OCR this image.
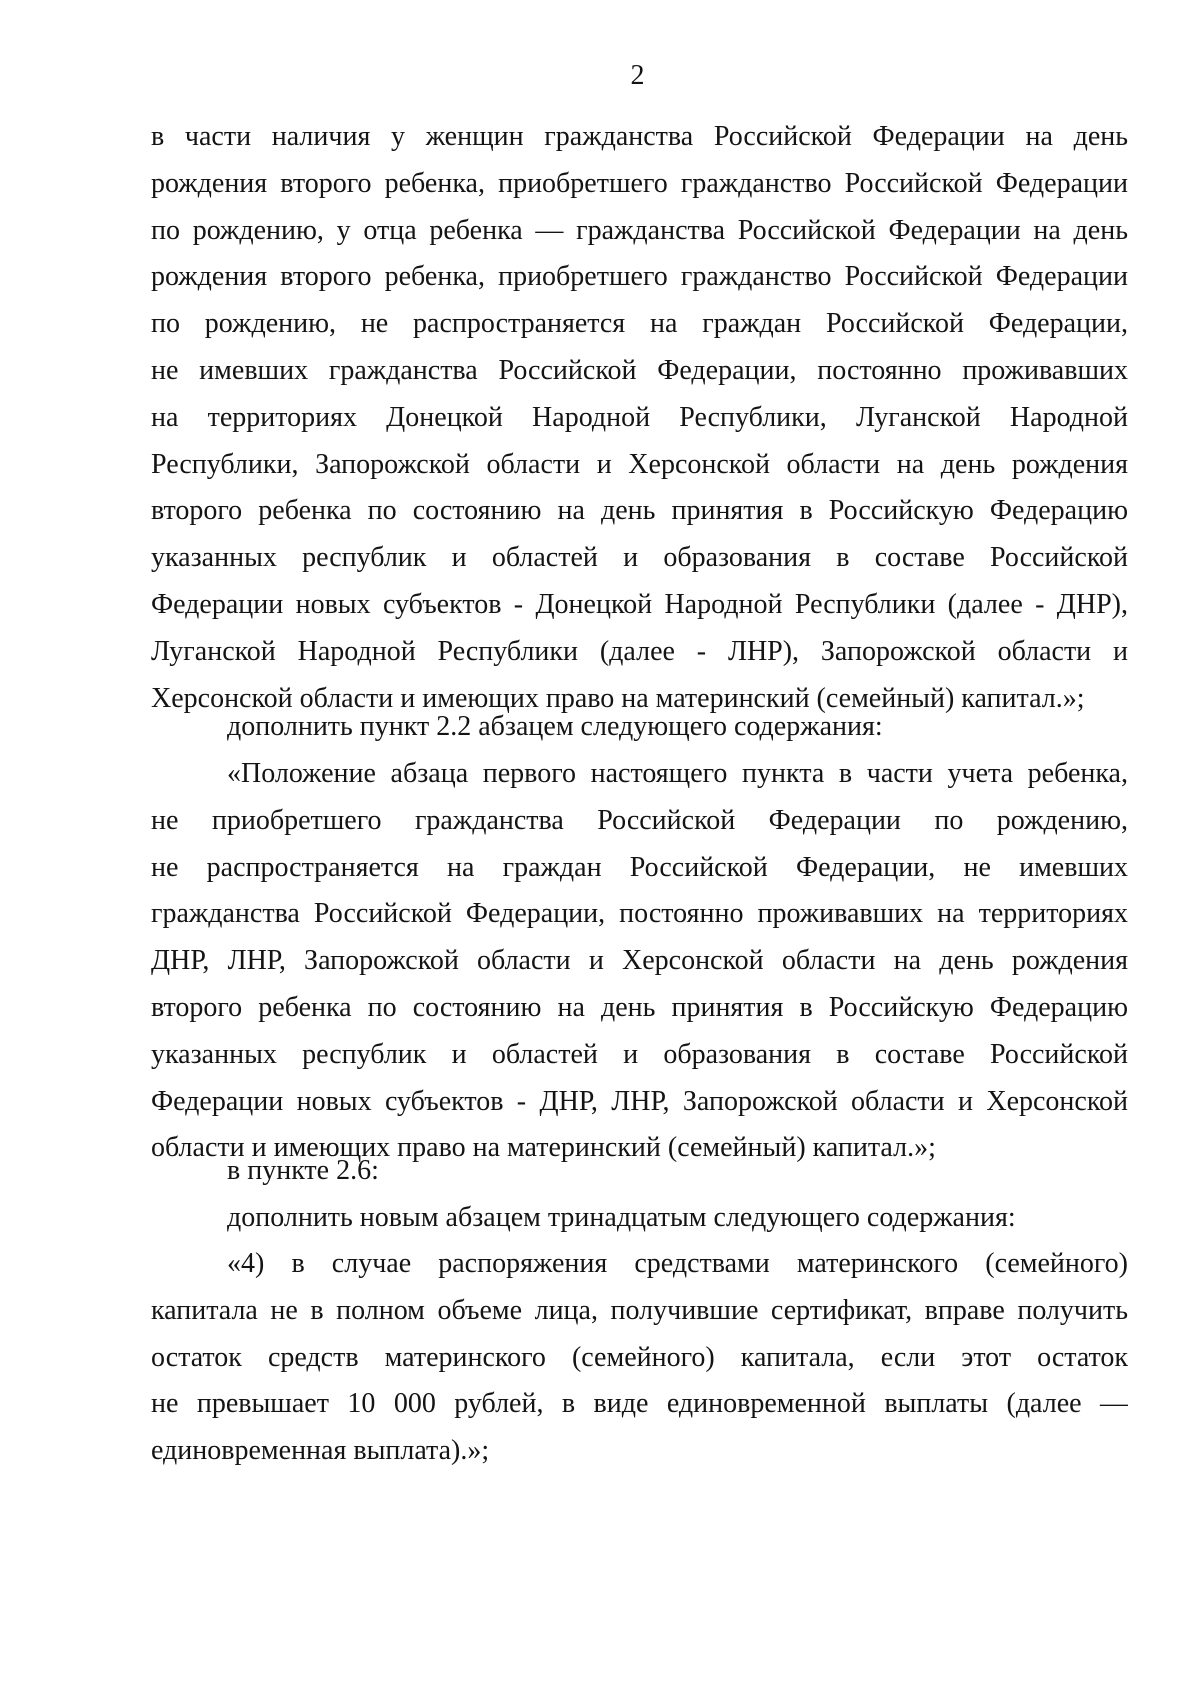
2
в части наличия у женщин гражданства Российской Федерации на день
рождения второго ребенка, приобретшего гражданство Российской Федерации
по рождению, у отца ребенка — гражданства Российской Федерации на день
рождения второго ребенка, приобретшего гражданство Российской Федерации
по рождению, не распространяется на граждан Российской Федерации,
не имевших гражданства Российской Федерации, постоянно проживавших
на территориях Донецкой Народной Республики, Луганской Народной
Республики, Запорожской области и Херсонской области на день рождения
второго ребенка по состоянию на день принятия в Российскую Федерацию
указанных республик и областей и образования в составе Российской
Федерации новых субъектов - Донецкой Народной Республики (далее - ДНР),
Луганской Народной Республики (далее - ЛНР), Запорожской области и
Херсонской области и имеющих право на материнский (семейный) капитал.»;
дополнить пункт 2.2 абзацем следующего содержания:
«Положение абзаца первого настоящего пункта в части учета ребенка,
не приобретшего гражданства Российской Федерации по рождению,
не распространяется на граждан Российской Федерации, не имевших
гражданства Российской Федерации, постоянно проживавших на территориях
ДНР, ЛНР, Запорожской области и Херсонской области на день рождения
второго ребенка по состоянию на день принятия в Российскую Федерацию
указанных республик и областей и образования в составе Российской
Федерации новых субъектов - ДНР, ЛНР, Запорожской области и Херсонской
области и имеющих право на материнский (семейный) капитал.»;
в пункте 2.6:
дополнить новым абзацем тринадцатым следующего содержания:
«4) в случае распоряжения средствами материнского (семейного)
капитала не в полном объеме лица, получившие сертификат, вправе получить
остаток средств материнского (семейного) капитала, если этот остаток
не превышает 10 000 рублей, в виде единовременной выплаты (далее —
единовременная выплата).»;
